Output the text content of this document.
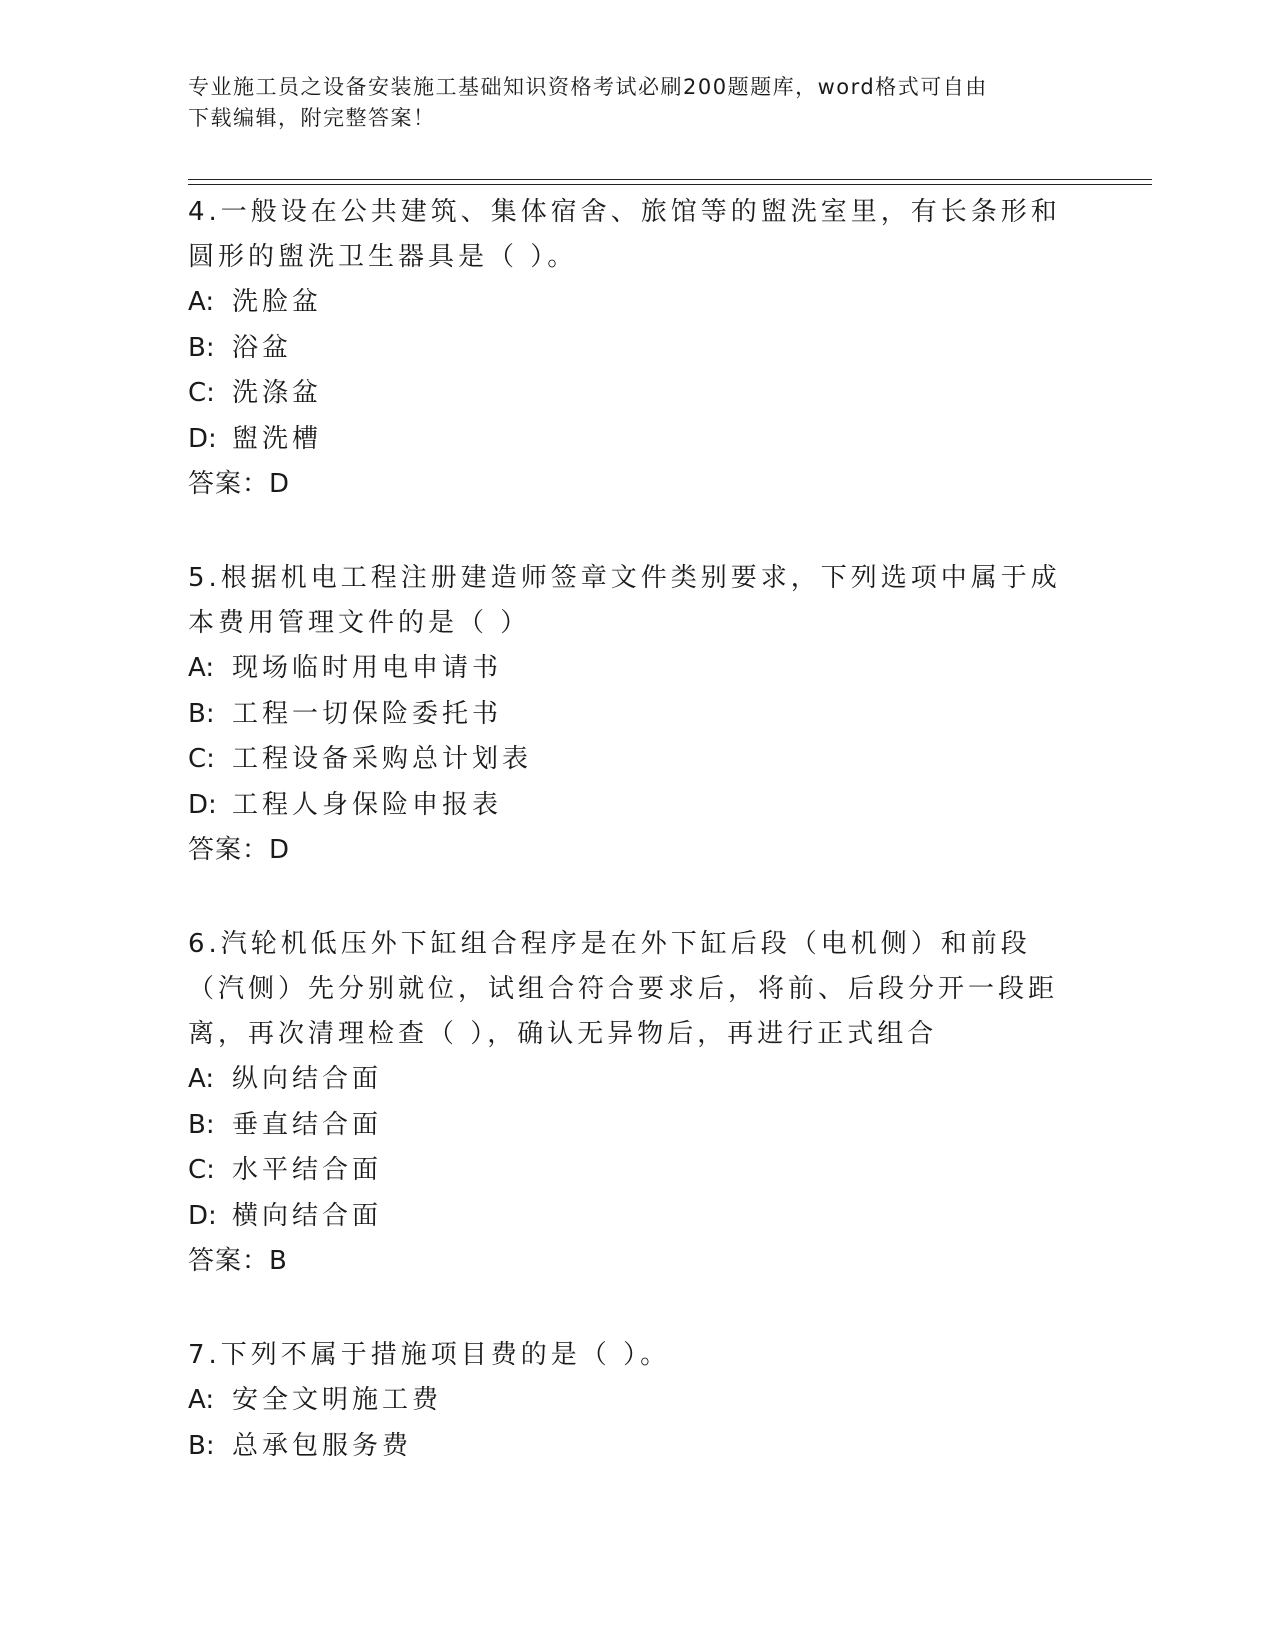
专业施工员之设备安装施工基础知识资格考试必刷200题题库，word格式可自由
下载编辑，附完整答案！
4.一般设在公共建筑、集体宿舍、旅馆等的盥洗室里，有长条形和圆形的盥洗卫生器具是（ ）。
A: 洗脸盆
B: 浴盆
C: 洗涤盆
D: 盥洗槽
答案：D
5.根据机电工程注册建造师签章文件类别要求，下列选项中属于成本费用管理文件的是（ ）
A: 现场临时用电申请书
B: 工程一切保险委托书
C: 工程设备采购总计划表
D: 工程人身保险申报表
答案：D
6.汽轮机低压外下缸组合程序是在外下缸后段（电机侧）和前段（汽侧）先分别就位，试组合符合要求后，将前、后段分开一段距离，再次清理检查（ ），确认无异物后，再进行正式组合
A: 纵向结合面
B: 垂直结合面
C: 水平结合面
D: 横向结合面
答案：B
7.下列不属于措施项目费的是（ ）。
A: 安全文明施工费
B: 总承包服务费
